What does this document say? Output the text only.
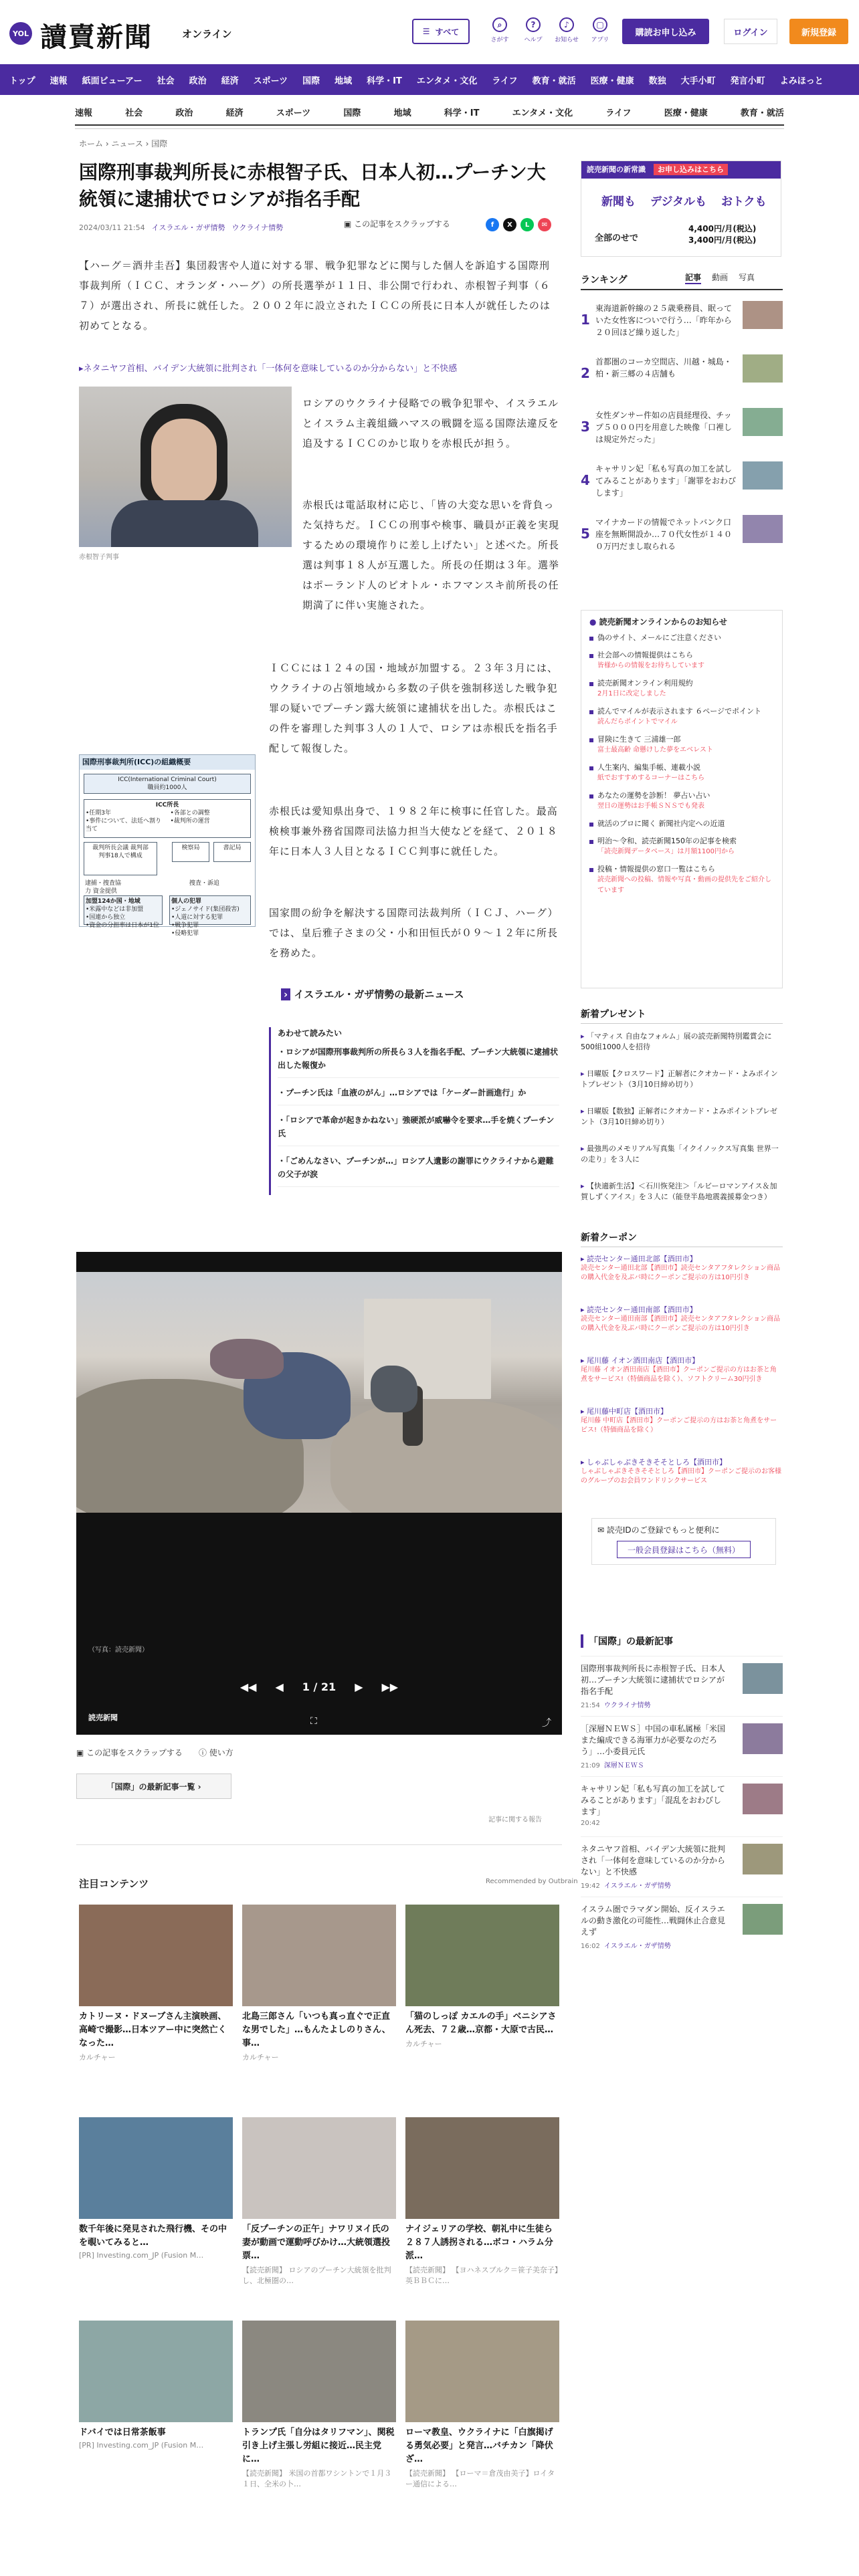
YOL 讀賣新聞	オンライン	☰ すべて
⌕
さがす
?
ヘルプ
♪
お知らせ
▢
アプリ
購読お申し込み	ログイン	新規登録
トップ 速報 紙面ビューアー 社会 政治 経済 スポーツ 国際 地域 科学・IT エンタメ・文化 ライフ 教育・就活 医療・健康 数独 大手小町 発言小町 よみほっと
速報	社会	政治	経済	スポーツ	国際	地域	科学・IT	エンタメ・文化	ライフ	医療・健康	教育・就活
ホーム › ニュース › 国際
国際刑事裁判所長に赤根智子氏、日本人初…プーチン大統領に逮捕状でロシアが指名手配
2024/03/11 21:54 イスラエル・ガザ情勢 ウクライナ情勢	▣ この記事をスクラップする	f	X	L	✉

【ハーグ＝酒井圭吾】集団殺害や人道に対する罪、戦争犯罪などに関与した個人を訴追する国際刑事裁判所（ＩＣＣ、オランダ・ハーグ）の所長選挙が１１日、非公開で行われ、赤根智子判事（６７）が選出され、所長に就任した。２００２年に設立されたＩＣＣの所長に日本人が就任したのは初めてとなる。

▸ネタニヤフ首相、バイデン大統領に批判され「一体何を意味しているのか分からない」と不快感
赤根智子判事

ロシアのウクライナ侵略での戦争犯罪や、イスラエルとイスラム主義組織ハマスの戦闘を巡る国際法違反を追及するＩＣＣのかじ取りを赤根氏が担う。

赤根氏は電話取材に応じ、「皆の大変な思いを背負った気持ちだ。ＩＣＣの刑事や検事、職員が正義を実現するための環境作りに差し上げたい」と述べた。所長選は判事１８人が互選した。所長の任期は３年。選挙はポーランド人のピオトル・ホフマンスキ前所長の任期満了に伴い実施された。

ＩＣＣには１２４の国・地域が加盟する。２３年３月には、ウクライナの占領地域から多数の子供を強制移送した戦争犯罪の疑いでプーチン露大統領に逮捕状を出した。赤根氏はこの件を審理した判事３人の１人で、ロシアは赤根氏を指名手配して報復した。

国際刑事裁判所(ICC)の組織概要
ICC(International Criminal Court)
職員約1000人
ICC所長
•任期3年
•事件について、法廷へ割り当て
•各部との調整
•裁判所の運営
裁判所長会議 裁判部
判事18人で構成
検察局	書記局
逮捕・捜査協力 資金提供
捜査・訴追
加盟124か国・地域
•米露中などは非加盟
•国連から独立
•資金の分担率は日本が1位
個人の犯罪
•ジェノサイド(集団殺害)
•人道に対する犯罪
•戦争犯罪
•侵略犯罪

赤根氏は愛知県出身で、１９８２年に検事に任官した。最高検検事兼外務省国際司法協力担当大使などを経て、２０１８年に日本人３人目となるＩＣＣ判事に就任した。

国家間の紛争を解決する国際司法裁判所（ＩＣＪ、ハーグ）では、皇后雅子さまの父・小和田恒氏が０９～１２年に所長を務めた。

› イスラエル・ガザ情勢の最新ニュース
あわせて読みたい
・ロシアが国際刑事裁判所の所長ら３人を指名手配、プーチン大統領に逮捕状出した報復か
・プーチン氏は「血液のがん」…ロシアでは「ケーダー計画進行」か
・「ロシアで革命が起きかねない」強硬派が威嚇令を要求…手を焼くプーチン氏
・「ごめんなさい、プーチンが…」ロシア人遺影の謝罪にウクライナから避難の父子が涙
（写真：読売新聞）
◀◀ ◀ 1 / 21 ▶ ▶▶
読売新聞	⛶	⤴
▣ この記事をスクラップする　　 ⓘ 使い方
「国際」の最新記事一覧 ›
記事に関する報告
注目コンテンツ	Recommended by Outbrain
カトリーヌ・ドヌーブさん主演映画、高崎で撮影…日本ツアー中に突然亡くなった…
カルチャー
北島三郎さん「いつも真っ直ぐで正直な男でした」…もんたよしのりさん、事…
カルチャー
「猫のしっぽ カエルの手」ベニシアさん死去、７２歳…京都・大原で古民…
カルチャー
数千年後に発見された飛行機、その中を覗いてみると…
[PR] Investing.com_JP (Fusion M…
「反プーチンの正午」ナワリヌイ氏の妻が動画で運動呼びかけ…大統領選投票…
【読売新聞】 ロシアのプーチン大統領を批判し、北極圏の…
ナイジェリアの学校、朝礼中に生徒ら２８７人誘拐される…ボコ・ハラム分派…
【読売新聞】 【ヨハネスブルク＝笹子美奈子】英ＢＢＣに…
ドバイでは日常茶飯事
[PR] Investing.com_JP (Fusion M…
トランプ氏「自分はタリフマン」、関税引き上げ主張し労組に接近…民主党に…
【読売新聞】 米国の首都ワシントンで１月３１日、全米の卜…
ローマ教皇、ウクライナに「白旗掲げる勇気必要」と発言…バチカン「降伏ざ…
【読売新聞】 【ローマ＝倉茂由美子】ロイター通信による…
読売新聞の新常識 お申し込みはこちら
新聞も デジタルも おトクも
全部のせで
4,400円/月(税込)
3,400円/月(税込)
ランキング	記事 動画 写真
1
東海道新幹線の２５歳乗務員、眠っていた女性客についで行う…「昨年から２０回ほど繰り返した」
2
首都圏のコーカ空間店、川越・城島・柏・新三郷の４店舗も
3
女性ダンサー件如の店員経理役、チップ５０００円を用意した映像「口裡しは規定外だった」
4
キャサリン妃「私も写真の加工を試してみることがあります」「謝罪をおわびします」
5
マイナカードの情報でネットバンク口座を無断開設か…７０代女性が１４００万円だまし取られる
● 読売新聞オンラインからのお知らせ
偽のサイト、メールにご注意ください
社会部への情報提供はこちら
皆様からの情報をお待ちしています
読売新聞オンライン利用規約
2月1日に改定しました
読んでマイルが表示されます ６ページでポイント
読んだらポイントでマイル
冒険に生きて 三浦雄一郎
富士最高齢 命懸けした夢をエベレスト
人生案内、編集手帳、連載小説
紙でおすすめするコーナーはこちら
あなたの運勢を診断！ 夢占い占い
翌日の運勢はお手帳ＳＮＳでも発表
就活のプロに聞く 新聞社内定への近道
明治～令和、読売新聞150年の記事を検索
「読売新聞データベース」は月額1100円から
投稿・情報提供の窓口一覧はこちら
読売新聞への投稿、情報や写真・動画の提供先をご紹介しています
新着プレゼント
▸ 「マティス 自由なフォルム」展の読売新聞特別鑑賞会に500組1000人を招待
▸ 日曜版【クロスワード】正解者にクオカード・よみポイントプレゼント（3月10日締め切り）
▸ 日曜版【数独】正解者にクオカード・よみポイントプレゼント（3月10日締め切り）
▸ 最強馬のメモリアル写真集「イクイノックス写真集 世界一の走り」を３人に
▸ 【快適新生活】＜石川恢発注＞「ルビーロマンアイス＆加賀しずくアイス」を３人に（能登半島地震義援募金つき）
新着クーポン
▸ 読売センター通田北部【酒田市】
読売センター通田北部【酒田市】読売センタアフタレクション商品の購入代金を及ぶバ時にクーポンご提示の方は10円引き
▸ 読売センター通田南部【酒田市】
読売センター通田南部【酒田市】読売センタアフタレクション商品の購入代金を及ぶバ時にクーポンご提示の方は10円引き
▸ 尾川藤 イオン酒田南店【酒田市】
尾川藤 イオン酒田南店【酒田市】クーポンご提示の方はお茶と角煮をサービス!（特価商品を除く）、ソフトクリーム30円引き
▸ 尾川藤中町店【酒田市】
尾川藤 中町店【酒田市】クーポンご提示の方はお茶と角煮をサービス!（特価商品を除く）
▸ しゃぶしゃぶきそきそそとしろ【酒田市】
しゃぶしゃぶきそきそそとしろ【酒田市】クーポンご提示のお客様のグループのお会員ワンドリンクサービス
✉ 読売IDのご登録でもっと便利に
一般会員登録はこちら（無料）
「国際」の最新記事
国際刑事裁判所長に赤根智子氏、日本人初…プーチン大統領に逮捕状でロシアが指名手配
21:54 ウクライナ情勢
［深層ＮＥＷＳ］中国の車私属極「米国また編成できる海軍力が必要なのだろう」…小委員元氏
21:09 深層ＮＥＷＳ
キャサリン妃「私も写真の加工を試してみることがあります」「混乱をおわびします」
20:42
ネタニヤフ首相、バイデン大統領に批判され「一体何を意味しているのか分からない」と不快感
19:42 イスラエル・ガザ情勢
イスラム圏でラマダン開始、反イスラエルの動き激化の可能性…戦闘休止合意見えず
16:02 イスラエル・ガザ情勢
